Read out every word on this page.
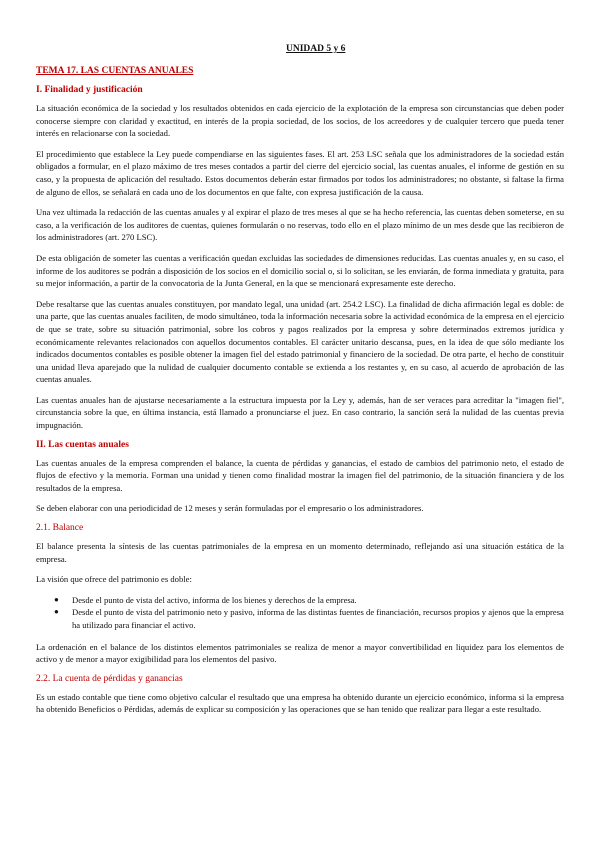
UNIDAD 5 y 6
TEMA 17. LAS CUENTAS ANUALES
I. Finalidad y justificación

La situación económica de la sociedad y los resultados obtenidos en cada ejercicio de la explotación de la empresa son circunstancias que deben poder conocerse siempre con claridad y exactitud, en interés de la propia sociedad, de los socios, de los acreedores y de cualquier tercero que pueda tener interés en relacionarse con la sociedad.

El procedimiento que establece la Ley puede compendiarse en las siguientes fases. El art. 253 LSC señala que los administradores de la sociedad están obligados a formular, en el plazo máximo de tres meses contados a partir del cierre del ejercicio social, las cuentas anuales, el informe de gestión en su caso, y la propuesta de aplicación del resultado. Estos documentos deberán estar firmados por todos los administradores; no obstante, si faltase la firma de alguno de ellos, se señalará en cada uno de los documentos en que falte, con expresa justificación de la causa.

Una vez ultimada la redacción de las cuentas anuales y al expirar el plazo de tres meses al que se ha hecho referencia, las cuentas deben someterse, en su caso, a la verificación de los auditores de cuentas, quienes formularán o no reservas, todo ello en el plazo mínimo de un mes desde que las recibieron de los administradores (art. 270 LSC).

De esta obligación de someter las cuentas a verificación quedan excluidas las sociedades de dimensiones reducidas. Las cuentas anuales y, en su caso, el informe de los auditores se podrán a disposición de los socios en el domicilio social o, si lo solicitan, se les enviarán, de forma inmediata y gratuita, para su mejor información, a partir de la convocatoria de la Junta General, en la que se mencionará expresamente este derecho.

Debe resaltarse que las cuentas anuales constituyen, por mandato legal, una unidad (art. 254.2 LSC). La finalidad de dicha afirmación legal es doble: de una parte, que las cuentas anuales faciliten, de modo simultáneo, toda la información necesaria sobre la actividad económica de la empresa en el ejercicio de que se trate, sobre su situación patrimonial, sobre los cobros y pagos realizados por la empresa y sobre determinados extremos jurídica y económicamente relevantes relacionados con aquellos documentos contables. El carácter unitario descansa, pues, en la idea de que sólo mediante los indicados documentos contables es posible obtener la imagen fiel del estado patrimonial y financiero de la sociedad. De otra parte, el hecho de constituir una unidad lleva aparejado que la nulidad de cualquier documento contable se extienda a los restantes y, en su caso, al acuerdo de aprobación de las cuentas anuales.

Las cuentas anuales han de ajustarse necesariamente a la estructura impuesta por la Ley y, además, han de ser veraces para acreditar la "imagen fiel", circunstancia sobre la que, en última instancia, está llamado a pronunciarse el juez. En caso contrario, la sanción será la nulidad de las cuentas previa impugnación.

II. Las cuentas anuales

Las cuentas anuales de la empresa comprenden el balance, la cuenta de pérdidas y ganancias, el estado de cambios del patrimonio neto, el estado de flujos de efectivo y la memoria. Forman una unidad y tienen como finalidad mostrar la imagen fiel del patrimonio, de la situación financiera y de los resultados de la empresa.

Se deben elaborar con una periodicidad de 12 meses y serán formuladas por el empresario o los administradores.

2.1. Balance

El balance presenta la síntesis de las cuentas patrimoniales de la empresa en un momento determinado, reflejando así una situación estática de la empresa.

La visión que ofrece del patrimonio es doble:

● Desde el punto de vista del activo, informa de los bienes y derechos de la empresa.
● Desde el punto de vista del patrimonio neto y pasivo, informa de las distintas fuentes de financiación, recursos propios y ajenos que la empresa ha utilizado para financiar el activo.

La ordenación en el balance de los distintos elementos patrimoniales se realiza de menor a mayor convertibilidad en liquidez para los elementos de activo y de menor a mayor exigibilidad para los elementos del pasivo.

2.2. La cuenta de pérdidas y ganancias

Es un estado contable que tiene como objetivo calcular el resultado que una empresa ha obtenido durante un ejercicio económico, informa si la empresa ha obtenido Beneficios o Pérdidas, además de explicar su composición y las operaciones que se han tenido que realizar para llegar a este resultado.
